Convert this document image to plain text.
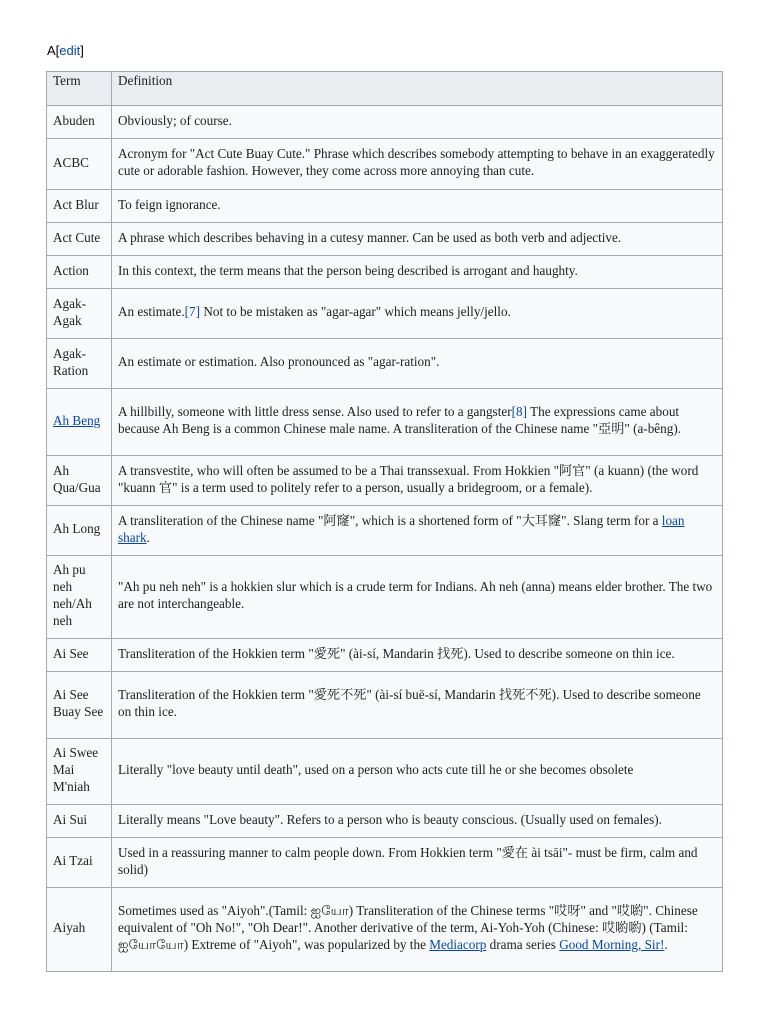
A[edit]
Term	Definition
Abuden	Obviously; of course.
ACBC	Acronym for "Act Cute Buay Cute." Phrase which describes somebody attempting to behave in an exaggeratedly cute or adorable fashion. However, they come across more annoying than cute.
Act Blur	To feign ignorance.
Act Cute	A phrase which describes behaving in a cutesy manner. Can be used as both verb and adjective.
Action	In this context, the term means that the person being described is arrogant and haughty.
Agak-Agak	An estimate.[7] Not to be mistaken as "agar-agar" which means jelly/jello.
Agak-Ration	An estimate or estimation. Also pronounced as "agar-ration".
Ah Beng	A hillbilly, someone with little dress sense. Also used to refer to a gangster[8] The expressions came about because Ah Beng is a common Chinese male name. A transliteration of the Chinese name "亞明" (a-bêng).
Ah Qua/Gua	A transvestite, who will often be assumed to be a Thai transsexual. From Hokkien "阿官" (a kuann) (the word "kuann 官" is a term used to politely refer to a person, usually a bridegroom, or a female).
Ah Long	A transliteration of the Chinese name "阿窿", which is a shortened form of "大耳窿". Slang term for a loan shark.
Ah pu neh neh/Ah neh	"Ah pu neh neh" is a hokkien slur which is a crude term for Indians. Ah neh (anna) means elder brother. The two are not interchangeable.
Ai See	Transliteration of the Hokkien term "愛死" (ài-sí, Mandarin 找死). Used to describe someone on thin ice.
Ai See Buay See	Transliteration of the Hokkien term "愛死不死" (ài-sí buē-sí, Mandarin 找死不死). Used to describe someone on thin ice.
Ai Swee Mai M'niah	Literally "love beauty until death", used on a person who acts cute till he or she becomes obsolete
Ai Sui	Literally means "Love beauty". Refers to a person who is beauty conscious. (Usually used on females).
Ai Tzai	Used in a reassuring manner to calm people down. From Hokkien term "愛在 ài tsāi"- must be firm, calm and solid)
Aiyah	Sometimes used as "Aiyoh".(Tamil: ஐயோ) Transliteration of the Chinese terms "哎呀" and "哎喲". Chinese equivalent of "Oh No!", "Oh Dear!". Another derivative of the term, Ai-Yoh-Yoh (Chinese: 哎喲喲) (Tamil: ஐயோயோ) Extreme of "Aiyoh", was popularized by the Mediacorp drama series Good Morning, Sir!.
